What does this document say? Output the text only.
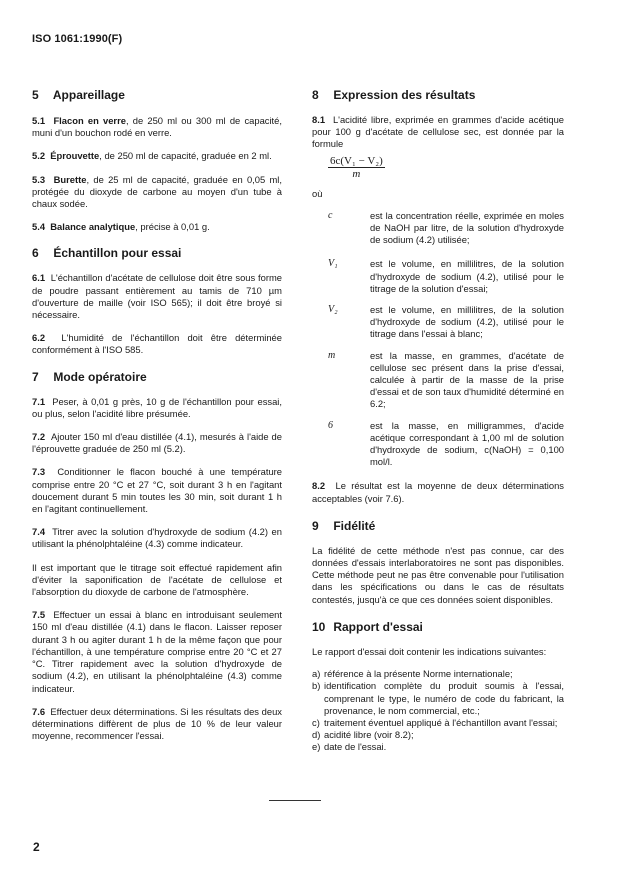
ISO 1061:1990(F)
5 Appareillage

5.1 Flacon en verre, de 250 ml ou 300 ml de capacité, muni d'un bouchon rodé en verre.

5.2 Éprouvette, de 250 ml de capacité, graduée en 2 ml.

5.3 Burette, de 25 ml de capacité, graduée en 0,05 ml, protégée du dioxyde de carbone au moyen d'un tube à chaux sodée.

5.4 Balance analytique, précise à 0,01 g.

6 Échantillon pour essai

6.1 L'échantillon d'acétate de cellulose doit être sous forme de poudre passant entièrement au tamis de 710 µm d'ouverture de maille (voir ISO 565); il doit être broyé si nécessaire.

6.2 L'humidité de l'échantillon doit être déterminée conformément à l'ISO 585.

7 Mode opératoire

7.1 Peser, à 0,01 g près, 10 g de l'échantillon pour essai, ou plus, selon l'acidité libre présumée.

7.2 Ajouter 150 ml d'eau distillée (4.1), mesurés à l'aide de l'éprouvette graduée de 250 ml (5.2).

7.3 Conditionner le flacon bouché à une température comprise entre 20 °C et 27 °C, soit durant 3 h en l'agitant doucement durant 5 min toutes les 30 min, soit durant 1 h en l'agitant continuellement.

7.4 Titrer avec la solution d'hydroxyde de sodium (4.2) en utilisant la phénolphtaléine (4.3) comme indicateur.

Il est important que le titrage soit effectué rapidement afin d'éviter la saponification de l'acétate de cellulose et l'absorption du dioxyde de carbone de l'atmosphère.

7.5 Effectuer un essai à blanc en introduisant seulement 150 ml d'eau distillée (4.1) dans le flacon. Laisser reposer durant 3 h ou agiter durant 1 h de la même façon que pour l'échantillon, à une température comprise entre 20 °C et 27 °C. Titrer rapidement avec la solution d'hydroxyde de sodium (4.2), en utilisant la phénolphtaléine (4.3) comme indicateur.

7.6 Effectuer deux déterminations. Si les résultats des deux déterminations diffèrent de plus de 10 % de leur valeur moyenne, recommencer l'essai.

8 Expression des résultats

8.1 L'acidité libre, exprimée en grammes d'acide acétique pour 100 g d'acétate de cellulose sec, est donnée par la formule

$\frac{\text{6c(V₁ − V₂)}}{m}$

où

c	est la concentration réelle, exprimée en moles de NaOH par litre, de la solution d'hydroxyde de sodium (4.2) utilisée;

V₁	est le volume, en millilitres, de la solution d'hydroxyde de sodium (4.2), utilisé pour le titrage de la solution d'essai;

V₂	est le volume, en millilitres, de la solution d'hydroxyde de sodium (4.2), utilisé pour le titrage dans l'essai à blanc;

m	est la masse, en grammes, d'acétate de cellulose sec présent dans la prise d'essai, calculée à partir de la masse de la prise d'essai et de son taux d'humidité déterminé en 6.2;

6	est la masse, en milligrammes, d'acide acétique correspondant à 1,00 ml de solution d'hydroxyde de sodium, c(NaOH) = 0,100 mol/l.

8.2 Le résultat est la moyenne de deux déterminations acceptables (voir 7.6).

9 Fidélité

La fidélité de cette méthode n'est pas connue, car des données d'essais interlaboratoires ne sont pas disponibles. Cette méthode peut ne pas être convenable pour l'utilisation dans les spécifications ou dans le cas de résultats contestés, jusqu'à ce que ces données soient disponibles.

10 Rapport d'essai

Le rapport d'essai doit contenir les indications suivantes:

a) référence à la présente Norme internationale;

b) identification complète du produit soumis à l'essai, comprenant le type, le numéro de code du fabricant, la provenance, le nom commercial, etc.;

c) traitement éventuel appliqué à l'échantillon avant l'essai;

d) acidité libre (voir 8.2);

e) date de l'essai.

2
